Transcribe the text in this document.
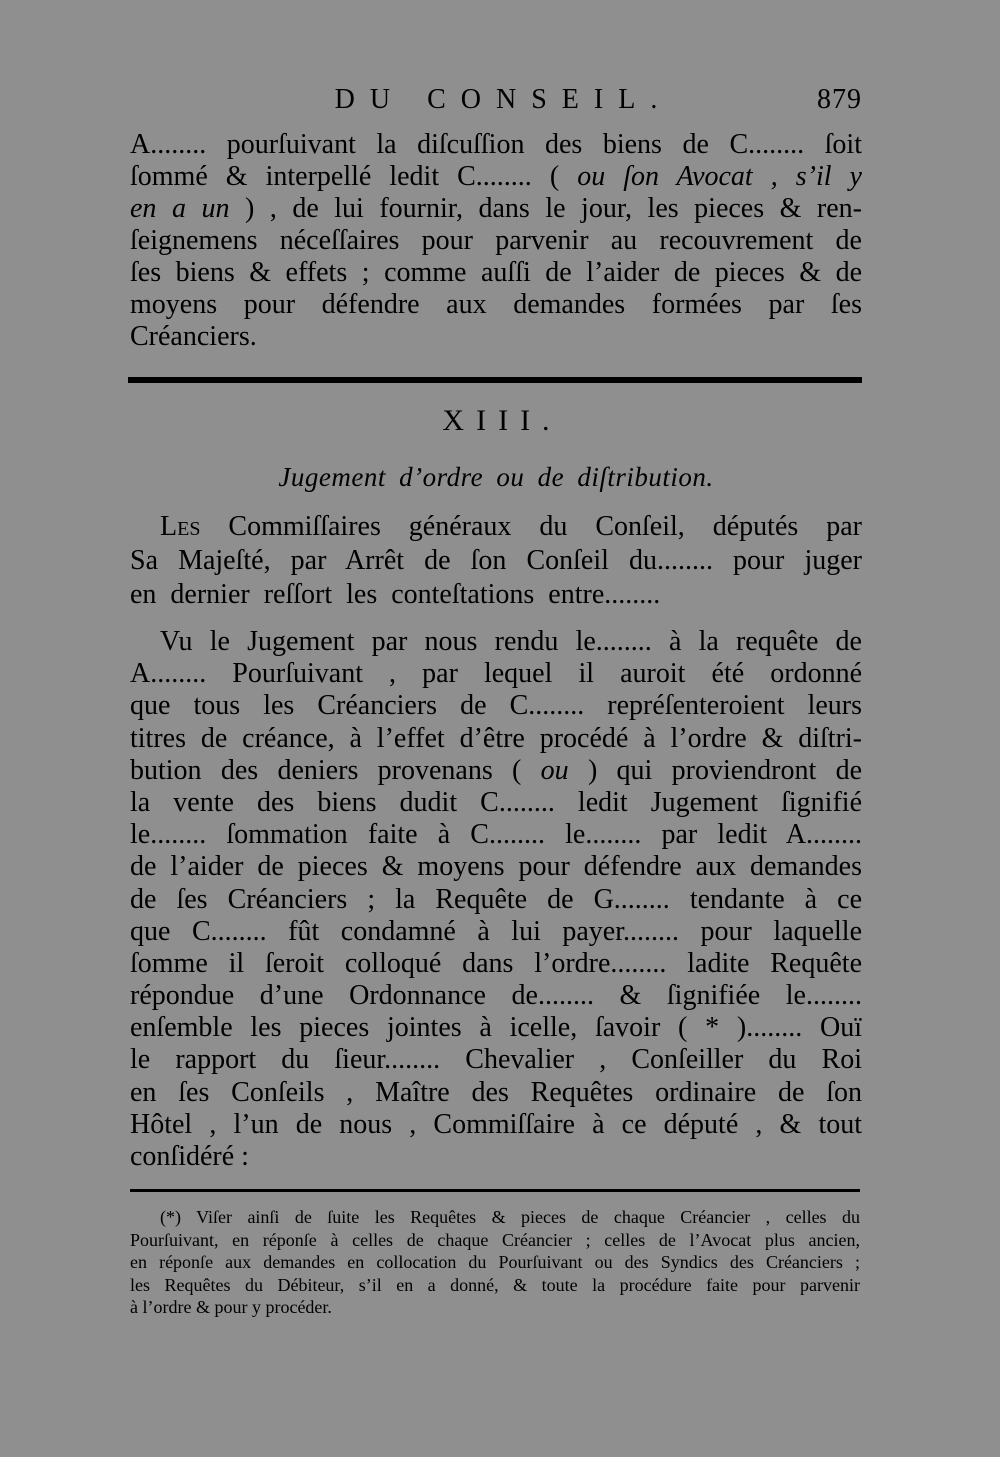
DU CONSEIL.	879
A........ pourſuivant la diſcuſſion des biens de C........ ſoit
ſommé & interpellé ledit C........ ( ou ſon Avocat , s’il y
en a un ) , de lui fournir, dans le jour, les pieces & ren-
ſeignemens néceſſaires pour parvenir au recouvrement de
ſes biens & effets ; comme auſſi de l’aider de pieces & de
moyens pour défendre aux demandes formées par ſes
Créanciers.
XIII.
Jugement d’ordre ou de diſtribution.
Les Commiſſaires généraux du Conſeil, députés par
Sa Majeſté, par Arrêt de ſon Conſeil du........ pour juger
en dernier reſſort les conteſtations entre........
Vu le Jugement par nous rendu le........ à la requête de
A........ Pourſuivant , par lequel il auroit été ordonné
que tous les Créanciers de C........ repréſenteroient leurs
titres de créance, à l’effet d’être procédé à l’ordre & diſtri-
bution des deniers provenans ( ou ) qui proviendront de
la vente des biens dudit C........ ledit Jugement ſignifié
le........ ſommation faite à C........ le........ par ledit A........
de l’aider de pieces & moyens pour défendre aux demandes
de ſes Créanciers ; la Requête de G........ tendante à ce
que C........ fût condamné à lui payer........ pour laquelle
ſomme il ſeroit colloqué dans l’ordre........ ladite Requête
répondue d’une Ordonnance de........ & ſignifiée le........
enſemble les pieces jointes à icelle, ſavoir ( * )........ Ouï
le rapport du ſieur........ Chevalier , Conſeiller du Roi
en ſes Conſeils , Maître des Requêtes ordinaire de ſon
Hôtel , l’un de nous , Commiſſaire à ce député , & tout
conſidéré :
(*) Viſer ainſi de ſuite les Requêtes & pieces de chaque Créancier , celles du
Pourſuivant, en réponſe à celles de chaque Créancier ; celles de l’Avocat plus ancien,
en réponſe aux demandes en collocation du Pourſuivant ou des Syndics des Créanciers ;
les Requêtes du Débiteur, s’il en a donné, & toute la procédure faite pour parvenir
à l’ordre & pour y procéder.
